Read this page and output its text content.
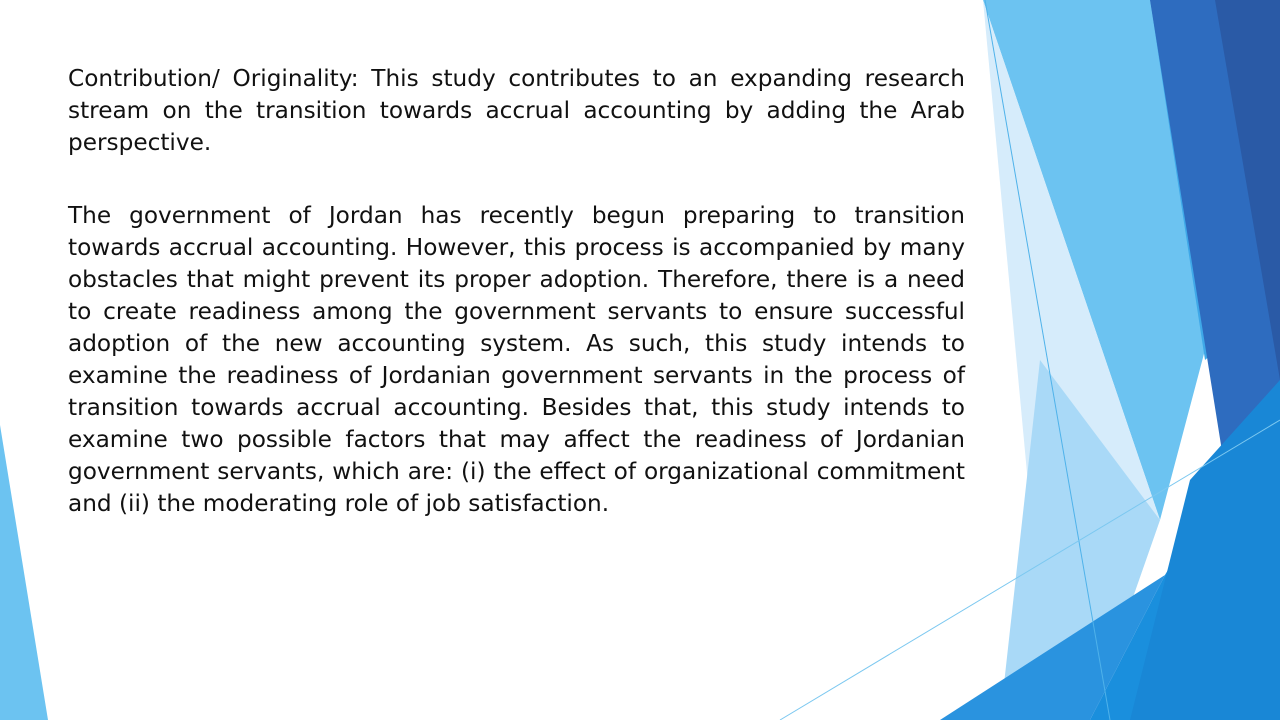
Contribution/ Originality: This study contributes to an expanding research stream on the transition towards accrual accounting by adding the Arab perspective.

The government of Jordan has recently begun preparing to transition towards accrual accounting. However, this process is accompanied by many obstacles that might prevent its proper adoption. Therefore, there is a need to create readiness among the government servants to ensure successful adoption of the new accounting system. As such, this study intends to examine the readiness of Jordanian government servants in the process of transition towards accrual accounting. Besides that, this study intends to examine two possible factors that may affect the readiness of Jordanian government servants, which are: (i) the effect of organizational commitment and (ii) the moderating role of job satisfaction.
